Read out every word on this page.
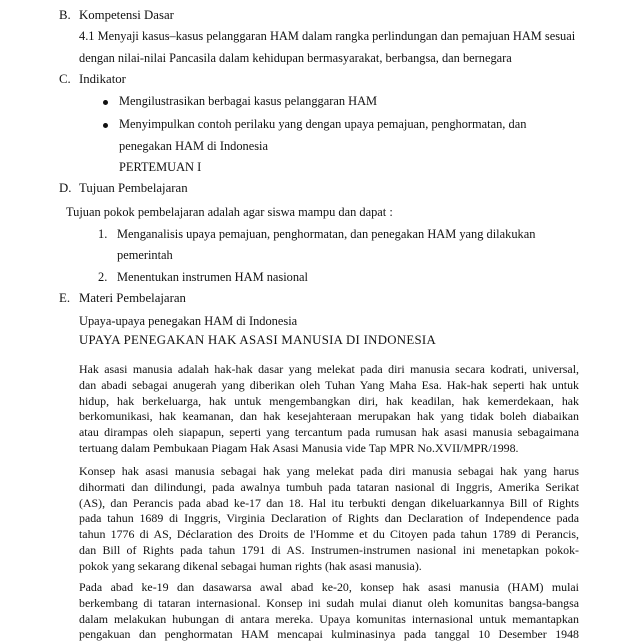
B. Kompetensi Dasar
4.1 Menyaji kasus–kasus pelanggaran HAM dalam rangka perlindungan dan pemajuan HAM sesuai
dengan nilai-nilai Pancasila dalam kehidupan bermasyarakat, berbangsa, dan bernegara
C. Indikator
Mengilustrasikan berbagai kasus pelanggaran HAM
Menyimpulkan contoh perilaku yang dengan upaya pemajuan, penghormatan, dan
penegakan HAM di Indonesia
PERTEMUAN I
D. Tujuan Pembelajaran
Tujuan pokok pembelajaran adalah agar siswa mampu dan dapat :
1. Menganalisis upaya pemajuan, penghormatan, dan penegakan HAM yang dilakukan
pemerintah
2. Menentukan instrumen HAM nasional
E. Materi Pembelajaran
Upaya-upaya penegakan HAM di Indonesia
UPAYA PENEGAKAN HAK ASASI MANUSIA DI INDONESIA
Hak asasi manusia adalah hak-hak dasar yang melekat pada diri manusia secara kodrati, universal,
dan abadi sebagai anugerah yang diberikan oleh Tuhan Yang Maha Esa. Hak-hak seperti hak untuk
hidup, hak berkeluarga, hak untuk mengembangkan diri, hak keadilan, hak kemerdekaan, hak
berkomunikasi, hak keamanan, dan hak kesejahteraan merupakan hak yang tidak boleh diabaikan
atau dirampas oleh siapapun, seperti yang tercantum pada rumusan hak asasi manusia sebagaimana
tertuang dalam Pembukaan Piagam Hak Asasi Manusia vide Tap MPR No.XVII/MPR/1998.
Konsep hak asasi manusia sebagai hak yang melekat pada diri manusia sebagai hak yang harus
dihormati dan dilindungi, pada awalnya tumbuh pada tataran nasional di Inggris, Amerika Serikat
(AS), dan Perancis pada abad ke-17 dan 18. Hal itu terbukti dengan dikeluarkannya Bill of Rights
pada tahun 1689 di Inggris, Virginia Declaration of Rights dan Declaration of Independence pada
tahun 1776 di AS, Déclaration des Droits de l'Homme et du Citoyen pada tahun 1789 di Perancis,
dan Bill of Rights pada tahun 1791 di AS. Instrumen-instrumen nasional ini menetapkan pokok-
pokok yang sekarang dikenal sebagai human rights (hak asasi manusia).
Pada abad ke-19 dan dasawarsa awal abad ke-20, konsep hak asasi manusia (HAM) mulai
berkembang di tataran internasional. Konsep ini sudah mulai dianut oleh komunitas bangsa-bangsa
dalam melakukan hubungan di antara mereka. Upaya komunitas internasional untuk memantapkan
pengakuan dan penghormatan HAM mencapai kulminasinya pada tanggal 10 Desember 1948
